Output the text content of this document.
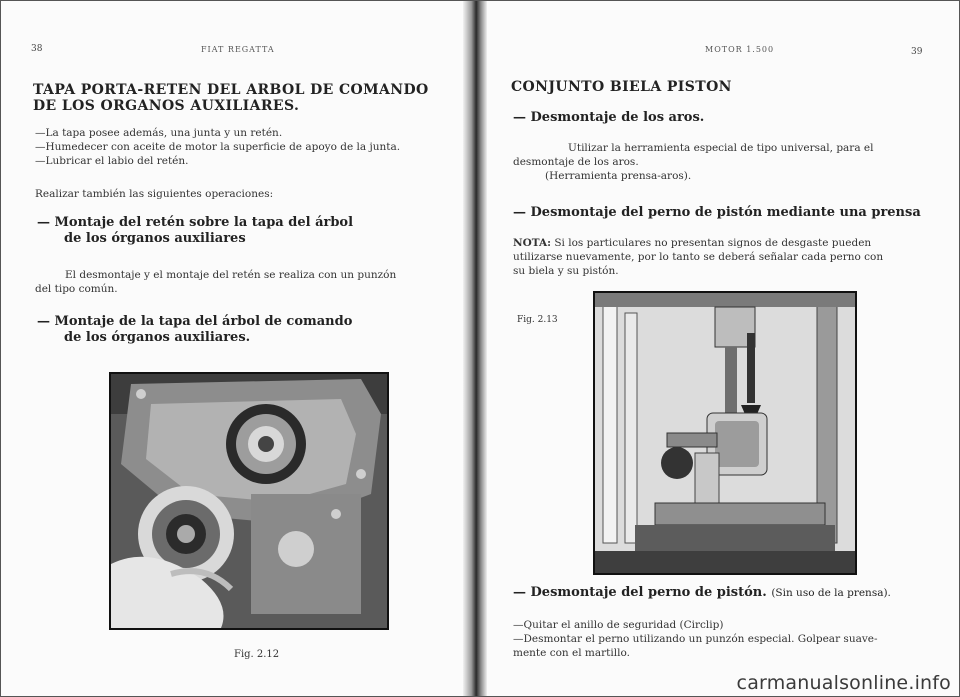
38	FIAT REGATTA
TAPA PORTA-RETEN DEL ARBOL DE COMANDO
DE LOS ORGANOS AUXILIARES.

—La tapa posee además, una junta y un retén.
—Humedecer con aceite de motor la superficie de apoyo de la junta.
—Lubricar el labio del retén.

Realizar también las siguientes operaciones:

— Montaje del retén sobre la tapa del árbol
de los órganos auxiliares

El desmontaje y el montaje del retén se realiza con un punzón
del tipo común.

— Montaje de la tapa del árbol de comando
de los órganos auxiliares.
Fig. 2.12
MOTOR 1.500	39
CONJUNTO BIELA PISTON
— Desmontaje de los aros.

Utilizar la herramienta especial de tipo universal, para el
desmontaje de los aros.
(Herramienta prensa-aros).

— Desmontaje del perno de pistón mediante una prensa

NOTA: Si los particulares no presentan signos de desgaste pueden
utilizarse nuevamente, por lo tanto se deberá señalar cada perno con
su biela y su pistón.

Fig. 2.13
— Desmontaje del perno de pistón. (Sin uso de la prensa).

—Quitar el anillo de seguridad (Circlip)
—Desmontar el perno utilizando un punzón especial. Golpear suave-
mente con el martillo.

carmanualsonline.info
